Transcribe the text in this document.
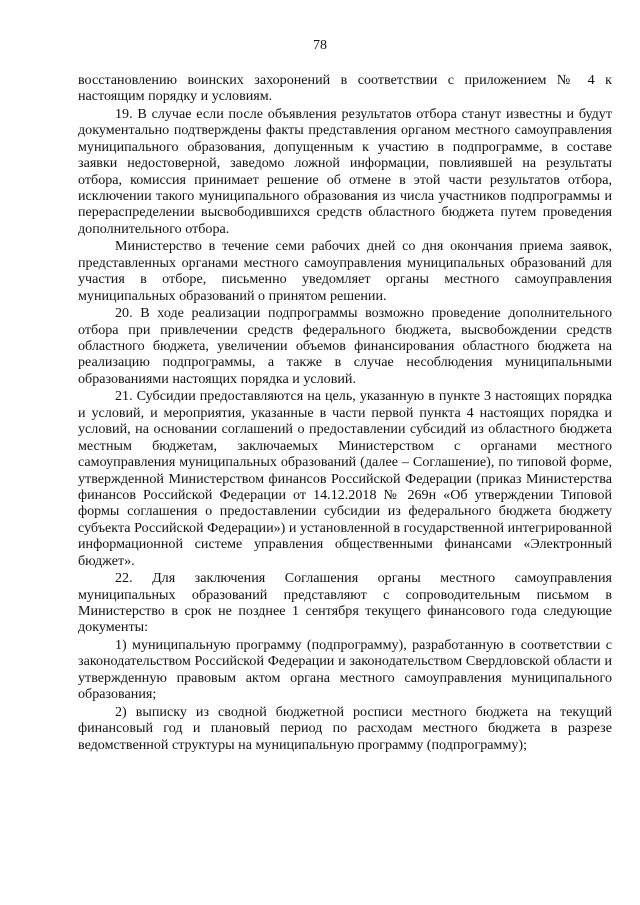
78

восстановлению воинских захоронений в соответствии с приложением № 4 к настоящим порядку и условиям.

19. В случае если после объявления результатов отбора станут известны и будут документально подтверждены факты представления органом местного самоуправления муниципального образования, допущенным к участию в подпрограмме, в составе заявки недостоверной, заведомо ложной информации, повлиявшей на результаты отбора, комиссия принимает решение об отмене в этой части результатов отбора, исключении такого муниципального образования из числа участников подпрограммы и перераспределении высвободившихся средств областного бюджета путем проведения дополнительного отбора.

Министерство в течение семи рабочих дней со дня окончания приема заявок, представленных органами местного самоуправления муниципальных образований для участия в отборе, письменно уведомляет органы местного самоуправления муниципальных образований о принятом решении.

20. В ходе реализации подпрограммы возможно проведение дополнительного отбора при привлечении средств федерального бюджета, высвобождении средств областного бюджета, увеличении объемов финансирования областного бюджета на реализацию подпрограммы, а также в случае несоблюдения муниципальными образованиями настоящих порядка и условий.

21. Субсидии предоставляются на цель, указанную в пункте 3 настоящих порядка и условий, и мероприятия, указанные в части первой пункта 4 настоящих порядка и условий, на основании соглашений о предоставлении субсидий из областного бюджета местным бюджетам, заключаемых Министерством с органами местного самоуправления муниципальных образований (далее – Соглашение), по типовой форме, утвержденной Министерством финансов Российской Федерации (приказ Министерства финансов Российской Федерации от 14.12.2018 № 269н «Об утверждении Типовой формы соглашения о предоставлении субсидии из федерального бюджета бюджету субъекта Российской Федерации») и установленной в государственной интегрированной информационной системе управления общественными финансами «Электронный бюджет».

22. Для заключения Соглашения органы местного самоуправления муниципальных образований представляют с сопроводительным письмом в Министерство в срок не позднее 1 сентября текущего финансового года следующие документы:

1) муниципальную программу (подпрограмму), разработанную в соответствии с законодательством Российской Федерации и законодательством Свердловской области и утвержденную правовым актом органа местного самоуправления муниципального образования;

2) выписку из сводной бюджетной росписи местного бюджета на текущий финансовый год и плановый период по расходам местного бюджета в разрезе ведомственной структуры на муниципальную программу (подпрограмму);
